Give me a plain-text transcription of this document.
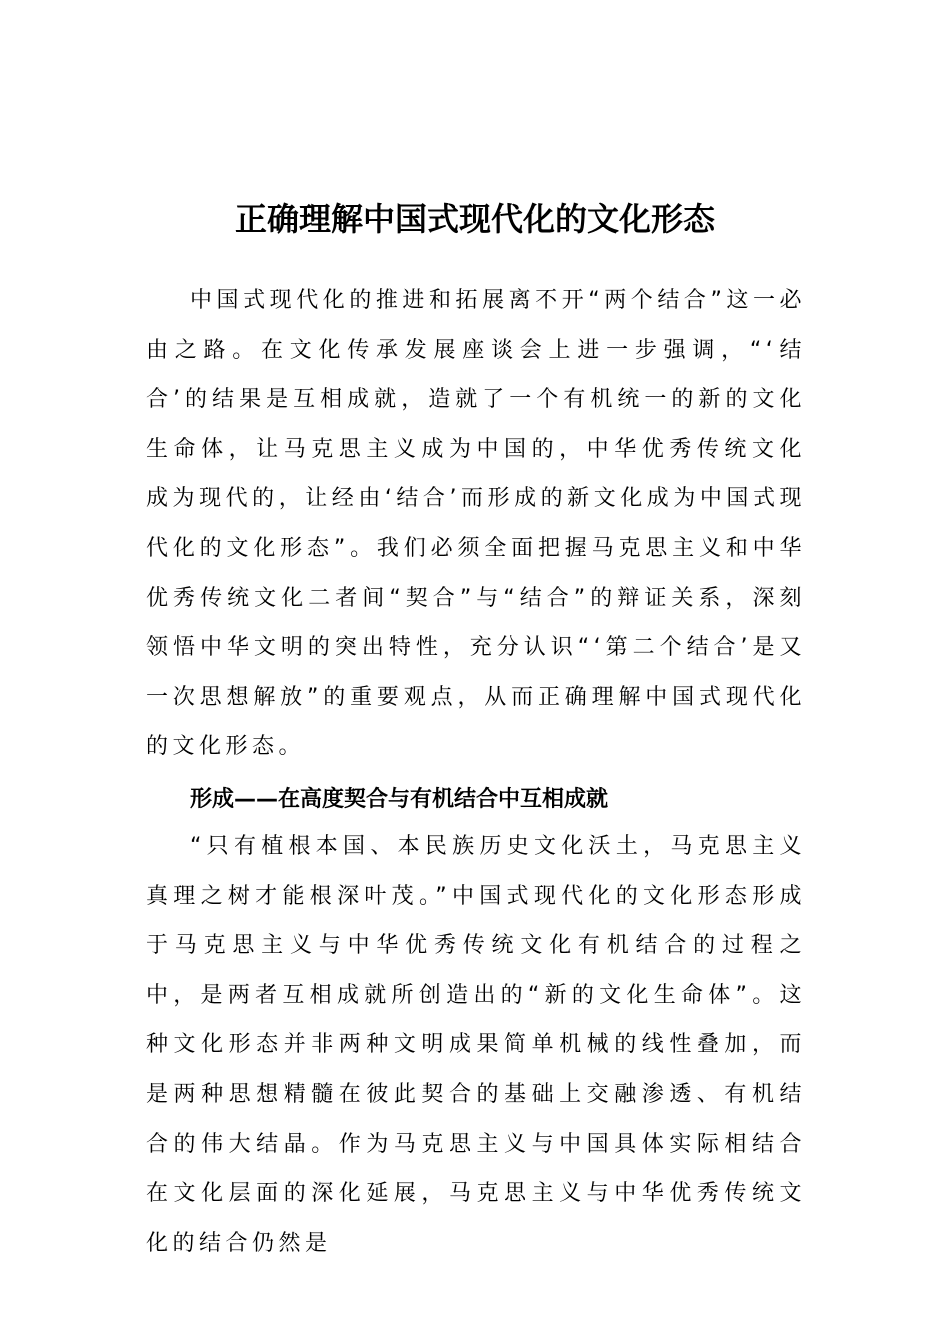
正确理解中国式现代化的文化形态

中国式现代化的推进和拓展离不开“两个结合”这一必由之路。在文化传承发展座谈会上进一步强调，“‘结合’的结果是互相成就，造就了一个有机统一的新的文化生命体，让马克思主义成为中国的，中华优秀传统文化成为现代的，让经由‘结合’而形成的新文化成为中国式现代化的文化形态”。我们必须全面把握马克思主义和中华优秀传统文化二者间“契合”与“结合”的辩证关系，深刻领悟中华文明的突出特性，充分认识“‘第二个结合’是又一次思想解放”的重要观点，从而正确理解中国式现代化的文化形态。

形成——在高度契合与有机结合中互相成就

“只有植根本国、本民族历史文化沃土，马克思主义真理之树才能根深叶茂。”中国式现代化的文化形态形成于马克思主义与中华优秀传统文化有机结合的过程之中，是两者互相成就所创造出的“新的文化生命体”。这种文化形态并非两种文明成果简单机械的线性叠加，而是两种思想精髓在彼此契合的基础上交融渗透、有机结合的伟大结晶。作为马克思主义与中国具体实际相结合在文化层面的深化延展，马克思主义与中华优秀传统文化的结合仍然是
